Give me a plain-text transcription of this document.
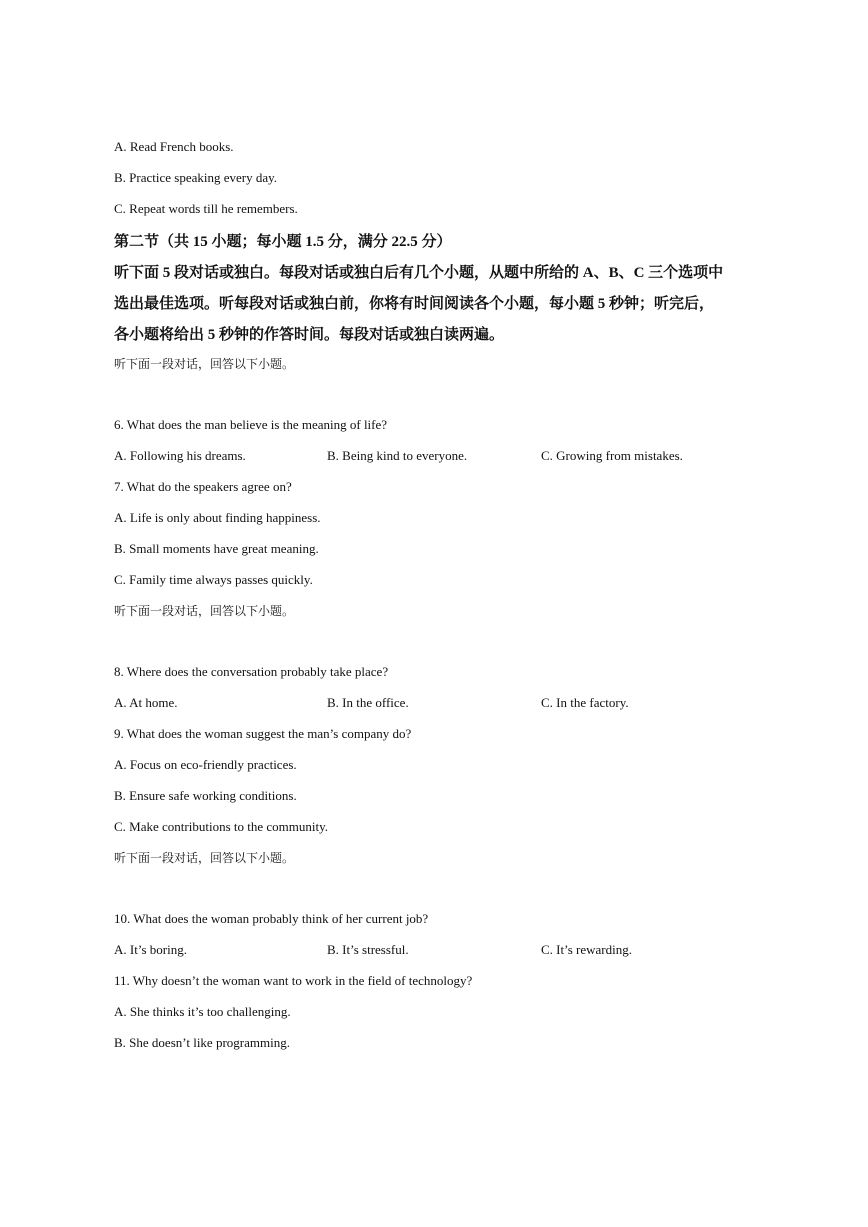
A. Read French books.
B. Practice speaking every day.
C. Repeat words till he remembers.
第二节（共 15 小题；每小题 1.5 分，满分 22.5 分）
听下面 5 段对话或独白。每段对话或独白后有几个小题，从题中所给的 A、B、C 三个选项中
选出最佳选项。听每段对话或独白前，你将有时间阅读各个小题，每小题 5 秒钟；听完后，
各小题将给出 5 秒钟的作答时间。每段对话或独白读两遍。
听下面一段对话，回答以下小题。
6. What does the man believe is the meaning of life?
A. Following his dreams.	B. Being kind to everyone.	C. Growing from mistakes.
7. What do the speakers agree on?
A. Life is only about finding happiness.
B. Small moments have great meaning.
C. Family time always passes quickly.
听下面一段对话，回答以下小题。
8. Where does the conversation probably take place?
A. At home.	B. In the office.	C. In the factory.
9. What does the woman suggest the man’s company do?
A. Focus on eco-friendly practices.
B. Ensure safe working conditions.
C. Make contributions to the community.
听下面一段对话，回答以下小题。
10. What does the woman probably think of her current job?
A. It’s boring.	B. It’s stressful.	C. It’s rewarding.
11. Why doesn’t the woman want to work in the field of technology?
A. She thinks it’s too challenging.
B. She doesn’t like programming.
